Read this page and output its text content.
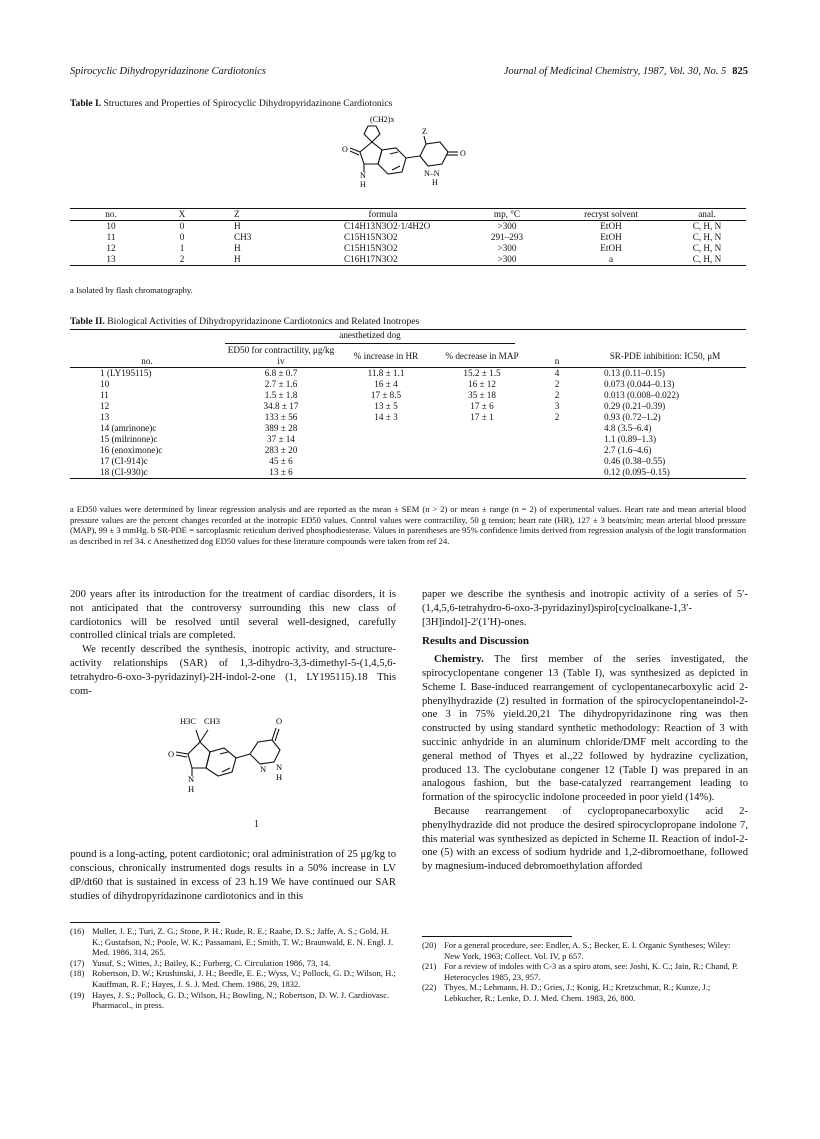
Spirocyclic Dihydropyridazinone Cardiotonics	Journal of Medicinal Chemistry, 1987, Vol. 30, No. 5 825
Table I. Structures and Properties of Spirocyclic Dihydropyridazinone Cardiotonics
(CH2)x
Z
O
N
H
N–N
H
O
no.	X	Z	formula	mp, °C	recryst solvent	anal.
10	0	H	C14H13N3O2·1/4H2O	>300	EtOH	C, H, N
11	0	CH3	C15H15N3O2	291–293	EtOH	C, H, N
12	1	H	C15H15N3O2	>300	EtOH	C, H, N
13	2	H	C16H17N3O2	>300	a	C, H, N
a Isolated by flash chromatography.
Table II. Biological Activities of Dihydropyridazinone Cardiotonics and Related Inotropes
anesthetized dog
no.	ED50 for contractility, μg/kg iv	% increase in HR	% decrease in MAP	n	SR-PDE inhibition: IC50, μM
1 (LY195115)	6.8 ± 0.7	11.8 ± 1.1	15.2 ± 1.5	4	0.13 (0.11–0.15)
10	2.7 ± 1.6	16 ± 4	16 ± 12	2	0.073 (0.044–0.13)
11	1.5 ± 1.8	17 ± 8.5	35 ± 18	2	0.013 (0.008–0.022)
12	34.8 ± 17	13 ± 5	17 ± 6	3	0.29 (0.21–0.39)
13	133 ± 56	14 ± 3	17 ± 1	2	0.93 (0.72–1.2)
14 (amrinone)c	389 ± 28				4.8 (3.5–6.4)
15 (milrinone)c	37 ± 14				1.1 (0.89–1.3)
16 (enoximone)c	283 ± 20				2.7 (1.6–4.6)
17 (CI-914)c	45 ± 6				0.46 (0.38–0.55)
18 (CI-930)c	13 ± 6				0.12 (0.095–0.15)
a ED50 values were determined by linear regression analysis and are reported as the mean ± SEM (n > 2) or mean ± range (n = 2) of experimental values. Heart rate and mean arterial blood pressure values are the percent changes recorded at the inotropic ED50 values. Control values were contractility, 50 g tension; heart rate (HR), 127 ± 3 beats/min; mean arterial blood pressure (MAP), 99 ± 3 mmHg. b SR-PDE = sarcoplasmic reticulum derived phosphodiesterase. Values in parentheses are 95% confidence limits derived from regression analysis of the logit transformation as described in ref 34. c Anesthetized dog ED50 values for these literature compounds were taken from ref 24.

200 years after its introduction for the treatment of cardiac disorders, it is not anticipated that the controversy surrounding this new class of cardiotonics will be resolved until several well-designed, carefully controlled clinical trials are completed.

We recently described the synthesis, inotropic activity, and structure-activity relationships (SAR) of 1,3-dihydro-3,3-dimethyl-5-(1,4,5,6-tetrahydro-6-oxo-3-pyridazinyl)-2H-indol-2-one (1, LY195115).18 This com-

H3C CH3
O
N
H
N N
H
O
1

pound is a long-acting, potent cardiotonic; oral administration of 25 μg/kg to conscious, chronically instrumented dogs results in a 50% increase in LV dP/dt60 that is sustained in excess of 23 h.19 We have continued our SAR studies of dihydropyridazinone cardiotonics and in this

(16) Muller, J. E.; Turi, Z. G.; Stone, P. H.; Rude, R. E.; Raabe, D. S.; Jaffe, A. S.; Gold, H. K.; Gustafson, N.; Poole, W. K.; Passamani, E.; Smith, T. W.; Braunwald, E. N. Engl. J. Med. 1986, 314, 265.
(17) Yusuf, S.; Wittes, J.; Bailey, K.; Furberg, C. Circulation 1986, 73, 14.
(18) Robertson, D. W.; Krushinski, J. H.; Beedle, E. E.; Wyss, V.; Pollock, G. D.; Wilson, H.; Kauffman, R. F.; Hayes, J. S. J. Med. Chem. 1986, 29, 1832.
(19) Hayes, J. S.; Pollock, G. D.; Wilson, H.; Bowling, N.; Robertson, D. W. J. Cardiovasc. Pharmacol., in press.

paper we describe the synthesis and inotropic activity of a series of 5′-(1,4,5,6-tetrahydro-6-oxo-3-pyridazinyl)spiro[cycloalkane-1,3′-[3H]indol]-2′(1′H)-ones.

Results and Discussion

Chemistry. The first member of the series investigated, the spirocyclopentane congener 13 (Table I), was synthesized as depicted in Scheme I. Base-induced rearrangement of cyclopentanecarboxylic acid 2-phenylhydrazide (2) resulted in formation of the spirocyclopentaneindol-2-one 3 in 75% yield.20,21 The dihydropyridazinone ring was then constructed by using standard synthetic methodology: Reaction of 3 with succinic anhydride in an aluminum chloride/DMF melt according to the general method of Thyes et al.,22 followed by hydrazine cyclization, produced 13. The cyclobutane congener 12 (Table I) was prepared in an analogous fashion, but the base-catalyzed rearrangement leading to formation of the spirocyclic indolone proceeded in poor yield (14%).

Because rearrangement of cyclopropanecarboxylic acid 2-phenylhydrazide did not produce the desired spirocyclopropane indolone 7, this material was synthesized as depicted in Scheme II. Reaction of indol-2-one (5) with an excess of sodium hydride and 1,2-dibromoethane, followed by magnesium-induced debromoethylation afforded

(20) For a general procedure, see: Endler, A. S.; Becker, E. I. Organic Syntheses; Wiley: New York, 1963; Collect. Vol. IV, p 657.
(21) For a review of indoles with C-3 as a spiro atom, see: Joshi, K. C.; Jain, R.; Chand, P. Heterocycles 1985, 23, 957.
(22) Thyes, M.; Lehmann, H. D.; Gries, J.; Konig, H.; Kretzschmar, R.; Kunze, J.; Lebkucher, R.; Lenke, D. J. Med. Chem. 1983, 26, 800.
